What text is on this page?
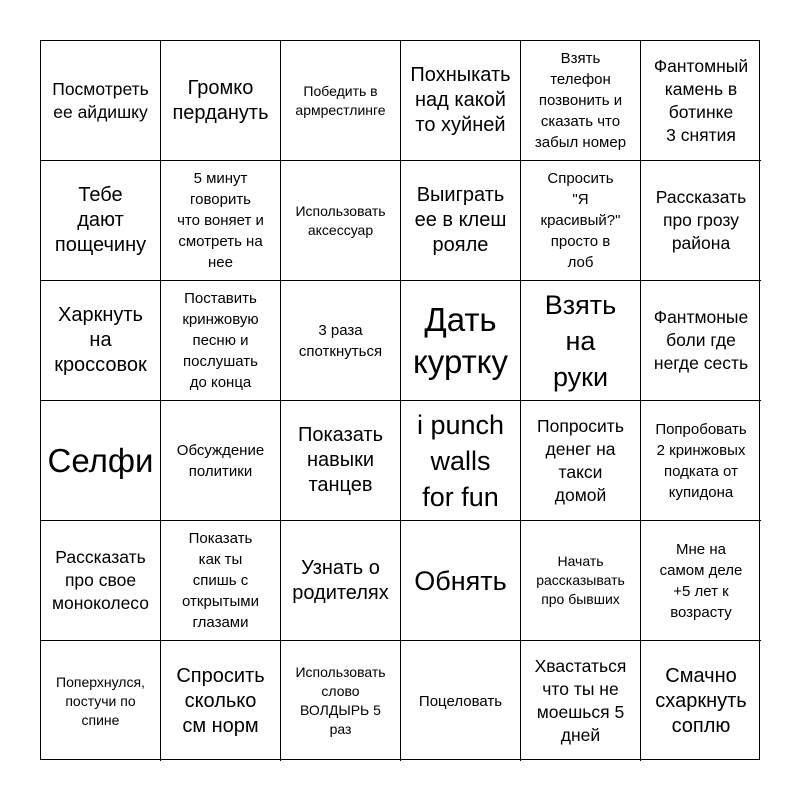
Посмотреть
ее айдишку
Громко
пердануть
Победить в
армрестлинге
Похныкать
над какой
то хуйней
Взять
телефон
позвонить и
сказать что
забыл номер
Фантомный
камень в
ботинке
3 снятия
Тебе
дают
пощечину
5 минут
говорить
что воняет и
смотреть на
нее
Использовать
аксессуар
Выиграть
ее в клеш
рояле
Спросить
"Я
красивый?"
просто в
лоб
Рассказать
про грозу
района
Харкнуть
на
кроссовок
Поставить
кринжовую
песню и
послушать
до конца
3 раза
споткнуться
Дать
куртку
Взять
на
руки
Фантмоные
боли где
негде сесть
Селфи Обсуждение
политики
Показать
навыки
танцев
i punch
walls
for fun
Попросить
денег на
такси
домой
Попробовать
2 кринжовых
подката от
купидона
Рассказать
про свое
моноколесо
Показать
как ты
спишь с
открытыми
глазами
Узнать о
родителях Обнять
Начать
рассказывать
про бывших
Мне на
самом деле
+5 лет к
возрасту
Поперхнулся,
постучи по
спине
Спросить
сколько
см норм
Использовать
слово
ВОЛДЫРЬ 5
раз
Поцеловать
Хвастаться
что ты не
моешься 5
дней
Смачно
схаркнуть
соплю
